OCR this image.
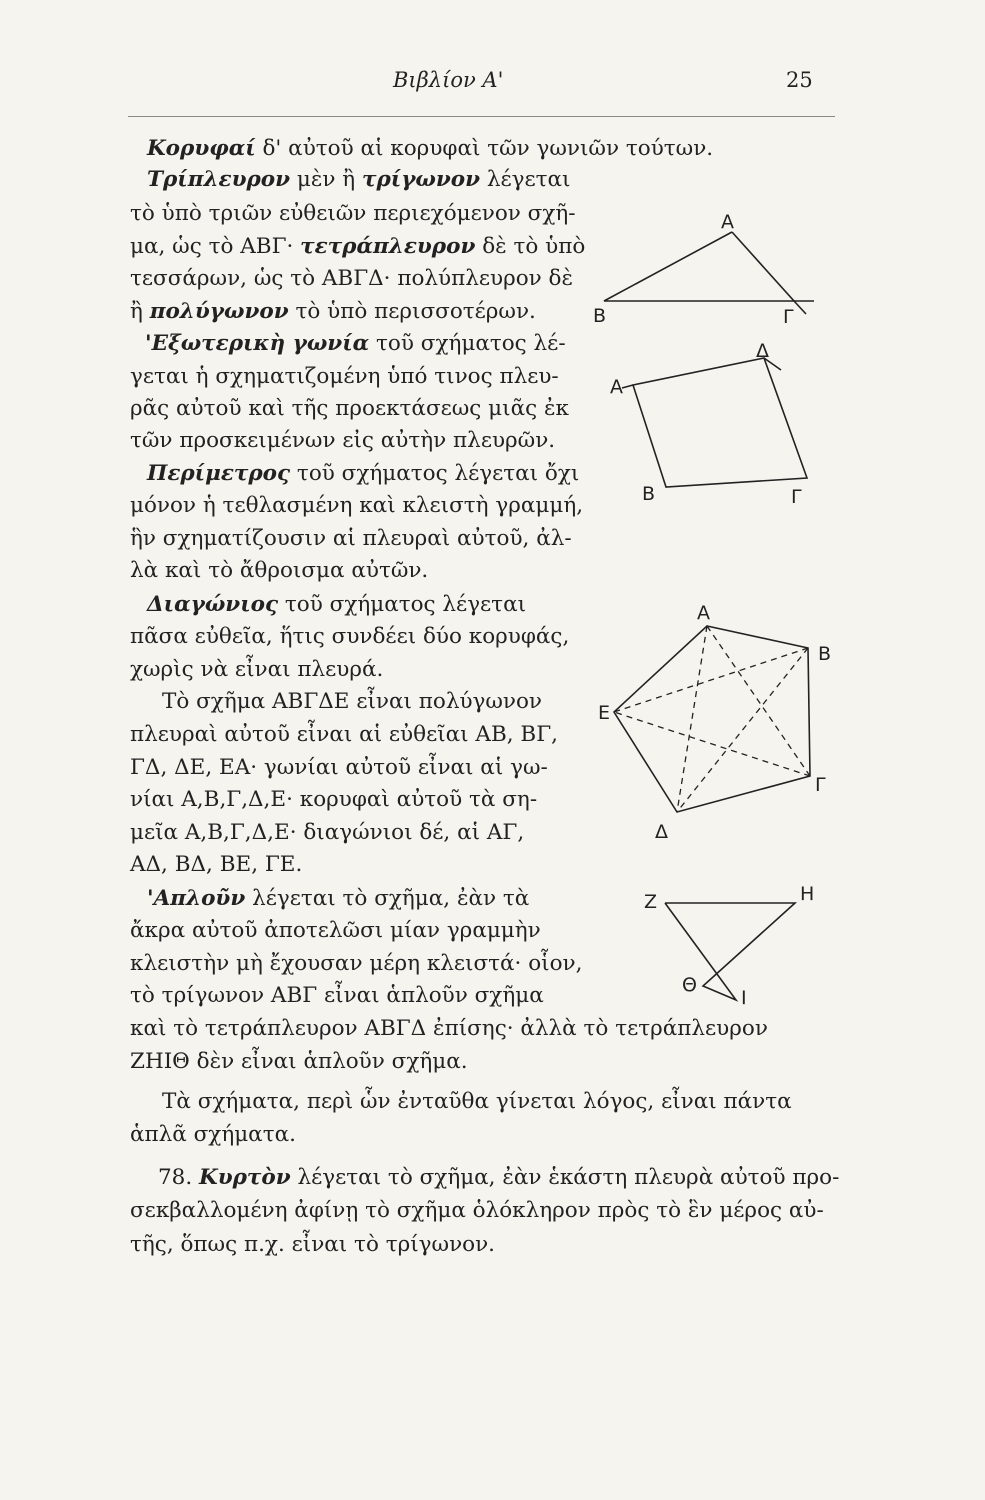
Βιβλίον Α'	25
Κορυφαί δ' αὐτοῦ αἱ κορυφαὶ τῶν γωνιῶν τούτων.
Τρίπλευρον μὲν ἢ τρίγωνον λέγεται
τὸ ὑπὸ τριῶν εὐθειῶν περιεχόμενον σχῆ-
μα, ὡς τὸ ΑΒΓ· τετράπλευρον δὲ τὸ ὑπὸ
τεσσάρων, ὡς τὸ ΑΒΓΔ· πολύπλευρον δὲ
ἢ πολύγωνον τὸ ὑπὸ περισσοτέρων.
'Εξωτερικὴ γωνία τοῦ σχήματος λέ-
γεται ἡ σχηματιζομένη ὑπό τινος πλευ-
ρᾶς αὐτοῦ καὶ τῆς προεκτάσεως μιᾶς ἐκ
τῶν προσκειμένων εἰς αὐτὴν πλευρῶν.
Περίμετρος τοῦ σχήματος λέγεται ὄχι
μόνον ἡ τεθλασμένη καὶ κλειστὴ γραμμή,
ἣν σχηματίζουσιν αἱ πλευραὶ αὐτοῦ, ἀλ-
λὰ καὶ τὸ ἄθροισμα αὐτῶν.
Διαγώνιος τοῦ σχήματος λέγεται
πᾶσα εὐθεῖα, ἥτις συνδέει δύο κορυφάς,
χωρὶς νὰ εἶναι πλευρά.
Τὸ σχῆμα ΑΒΓΔΕ εἶναι πολύγωνον
πλευραὶ αὐτοῦ εἶναι αἱ εὐθεῖαι ΑΒ, ΒΓ,
ΓΔ, ΔΕ, ΕΑ· γωνίαι αὐτοῦ εἶναι αἱ γω-
νίαι Α,Β,Γ,Δ,Ε· κορυφαὶ αὐτοῦ τὰ ση-
μεῖα Α,Β,Γ,Δ,Ε· διαγώνιοι δέ, αἱ ΑΓ,
ΑΔ, ΒΔ, ΒΕ, ΓΕ.
'Απλοῦν λέγεται τὸ σχῆμα, ἐὰν τὰ
ἄκρα αὐτοῦ ἀποτελῶσι μίαν γραμμὴν
κλειστὴν μὴ ἔχουσαν μέρη κλειστά· οἷον,
τὸ τρίγωνον ΑΒΓ εἶναι ἁπλοῦν σχῆμα
καὶ τὸ τετράπλευρον ΑΒΓΔ ἐπίσης· ἀλλὰ τὸ τετράπλευρον
ΖΗΙΘ δὲν εἶναι ἁπλοῦν σχῆμα.
Τὰ σχήματα, περὶ ὧν ἐνταῦθα γίνεται λόγος, εἶναι πάντα
ἁπλᾶ σχήματα.
78. Κυρτὸν λέγεται τὸ σχῆμα, ἐὰν ἑκάστη πλευρὰ αὐτοῦ προ-
σεκβαλλομένη ἀφίνῃ τὸ σχῆμα ὁλόκληρον πρὸς τὸ ἓν μέρος αὐ-
τῆς, ὅπως π.χ. εἶναι τὸ τρίγωνον.
Α
Β	Γ
Α
Β	Γ
Δ
Α
Β
Γ
Δ
Ε
Ζ	Η
Ι
Θ
